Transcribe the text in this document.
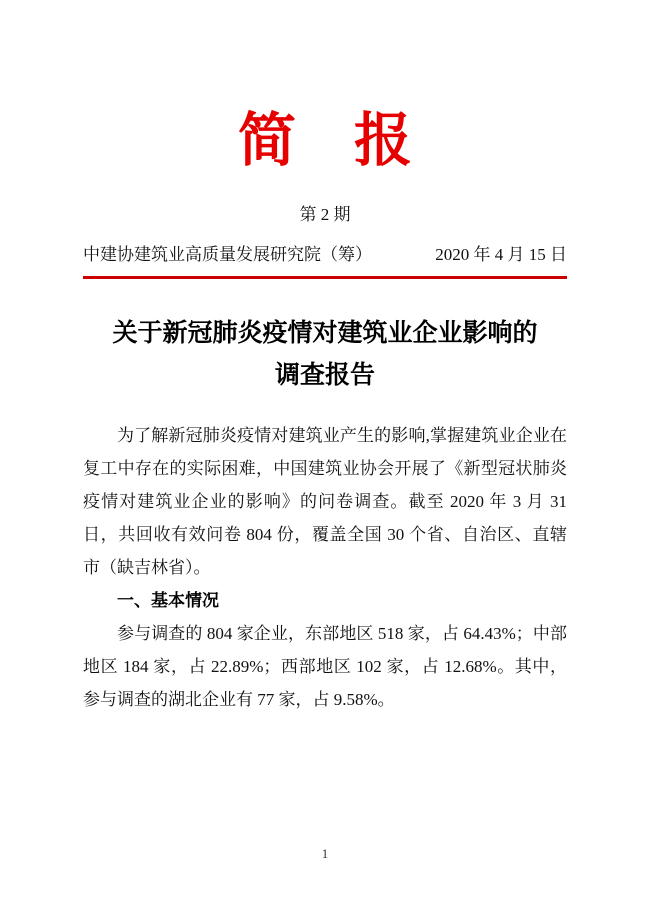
简　报
第 2 期
中建协建筑业高质量发展研究院（筹）	2020 年 4 月 15 日
关于新冠肺炎疫情对建筑业企业影响的
调查报告

为了解新冠肺炎疫情对建筑业产生的影响,掌握建筑业企业在复工中存在的实际困难，中国建筑业协会开展了《新型冠状肺炎疫情对建筑业企业的影响》的问卷调查。截至 2020 年 3 月 31 日，共回收有效问卷 804 份，覆盖全国 30 个省、自治区、直辖市（缺吉林省）。

一、基本情况

参与调查的 804 家企业，东部地区 518 家，占 64.43%；中部地区 184 家，占 22.89%；西部地区 102 家，占 12.68%。其中，参与调查的湖北企业有 77 家，占 9.58%。

1
